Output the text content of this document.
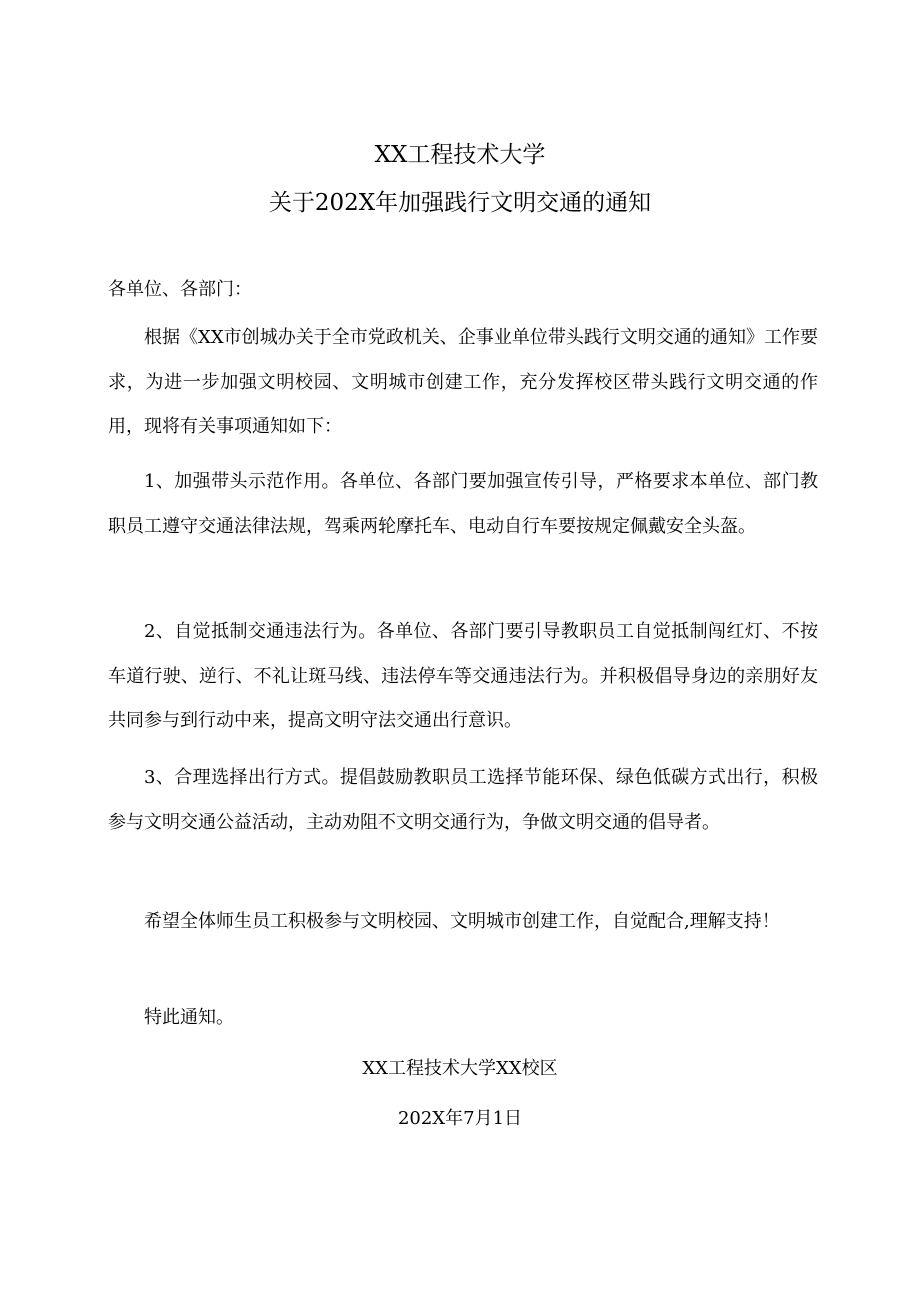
XX工程技术大学
关于202X年加强践行文明交通的通知
各单位、各部门：

根据《XX市创城办关于全市党政机关、企事业单位带头践行文明交通的通知》工作要求，为进一步加强文明校园、文明城市创建工作，充分发挥校区带头践行文明交通的作用，现将有关事项通知如下：

1、加强带头示范作用。各单位、各部门要加强宣传引导，严格要求本单位、部门教职员工遵守交通法律法规，驾乘两轮摩托车、电动自行车要按规定佩戴安全头盔。

2、自觉抵制交通违法行为。各单位、各部门要引导教职员工自觉抵制闯红灯、不按车道行驶、逆行、不礼让斑马线、违法停车等交通违法行为。并积极倡导身边的亲朋好友共同参与到行动中来，提高文明守法交通出行意识。

3、合理选择出行方式。提倡鼓励教职员工选择节能环保、绿色低碳方式出行，积极参与文明交通公益活动，主动劝阻不文明交通行为，争做文明交通的倡导者。

希望全体师生员工积极参与文明校园、文明城市创建工作，自觉配合,理解支持！

特此通知。

XX工程技术大学XX校区
202X年7月1日
